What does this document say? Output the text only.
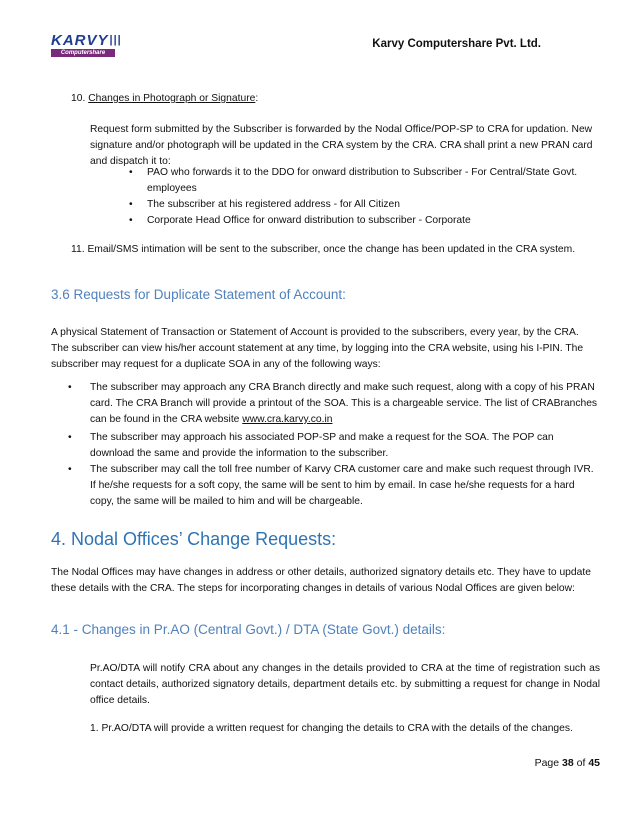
KARVY|||
Computershare
Karvy Computershare Pvt. Ltd.
10. Changes in Photograph or Signature:
Request form submitted by the Subscriber is forwarded by the Nodal Office/POP-SP to CRA for updation. New signature and/or photograph will be updated in the CRA system by the CRA. CRA shall print a new PRAN card and dispatch it to:
• PAO who forwards it to the DDO for onward distribution to Subscriber - For Central/State Govt. employees
• The subscriber at his registered address - for All Citizen
• Corporate Head Office for onward distribution to subscriber - Corporate
11. Email/SMS intimation will be sent to the subscriber, once the change has been updated in the CRA system.
3.6 Requests for Duplicate Statement of Account:
A physical Statement of Transaction or Statement of Account is provided to the subscribers, every year, by the CRA. The subscriber can view his/her account statement at any time, by logging into the CRA website, using his I-PIN. The subscriber may request for a duplicate SOA in any of the following ways:
• The subscriber may approach any CRA Branch directly and make such request, along with a copy of his PRAN card. The CRA Branch will provide a printout of the SOA. This is a chargeable service. The list of CRABranches can be found in the CRA website www.cra.karvy.co.in
• The subscriber may approach his associated POP-SP and make a request for the SOA. The POP can download the same and provide the information to the subscriber.
• The subscriber may call the toll free number of Karvy CRA customer care and make such request through IVR. If he/she requests for a soft copy, the same will be sent to him by email. In case he/she requests for a hard copy, the same will be mailed to him and will be chargeable.
4. Nodal Offices’ Change Requests:
The Nodal Offices may have changes in address or other details, authorized signatory details etc. They have to update these details with the CRA. The steps for incorporating changes in details of various Nodal Offices are given below:
4.1 - Changes in Pr.AO (Central Govt.) / DTA (State Govt.) details:
Pr.AO/DTA will notify CRA about any changes in the details provided to CRA at the time of registration such as contact details, authorized signatory details, department details etc. by submitting a request for change in Nodal office details.
1. Pr.AO/DTA will provide a written request for changing the details to CRA with the details of the changes.
Page 38 of 45
